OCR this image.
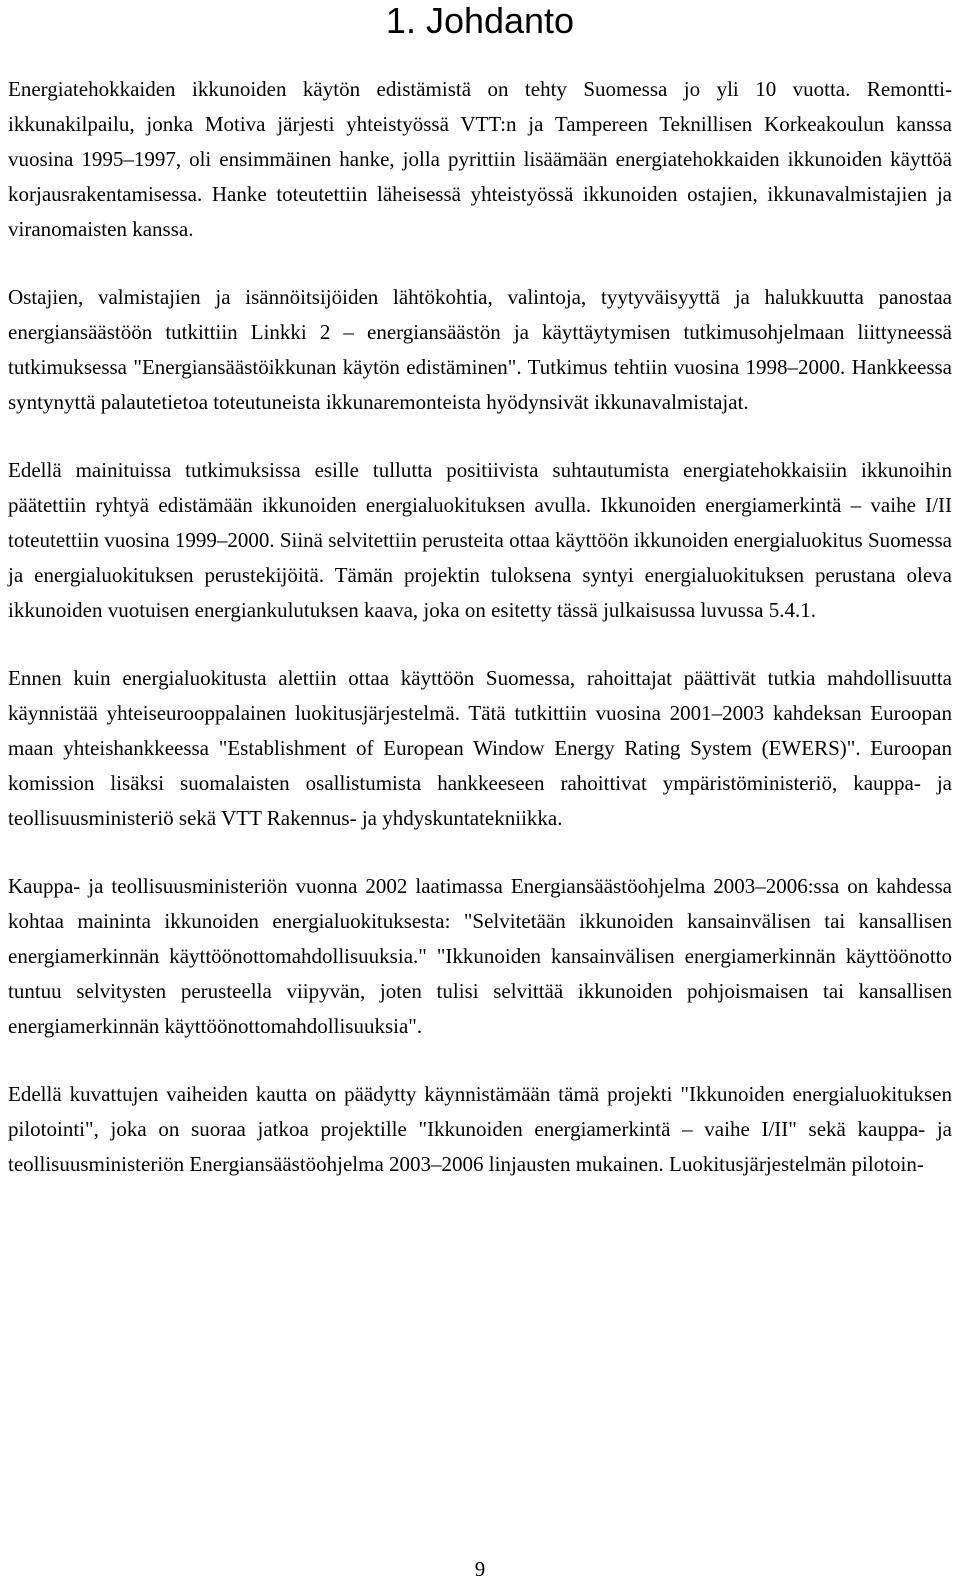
1. Johdanto

Energiatehokkaiden ikkunoiden käytön edistämistä on tehty Suomessa jo yli 10 vuotta. Remontti-ikkunakilpailu, jonka Motiva järjesti yhteistyössä VTT:n ja Tampereen Teknillisen Korkeakoulun kanssa vuosina 1995–1997, oli ensimmäinen hanke, jolla pyrittiin lisäämään energiatehokkaiden ikkunoiden käyttöä korjausrakentamisessa. Hanke toteutettiin läheisessä yhteistyössä ikkunoiden ostajien, ikkunavalmistajien ja viranomaisten kanssa.

Ostajien, valmistajien ja isännöitsijöiden lähtökohtia, valintoja, tyytyväisyyttä ja halukkuutta panostaa energiansäästöön tutkittiin Linkki 2 – energiansäästön ja käyttäytymisen tutkimusohjelmaan liittyneessä tutkimuksessa "Energiansäästöikkunan käytön edistäminen". Tutkimus tehtiin vuosina 1998–2000. Hankkeessa syntynyttä palautetietoa toteutuneista ikkunaremonteista hyödynsivät ikkunavalmistajat.

Edellä mainituissa tutkimuksissa esille tullutta positiivista suhtautumista energiatehokkaisiin ikkunoihin päätettiin ryhtyä edistämään ikkunoiden energialuokituksen avulla. Ikkunoiden energiamerkintä – vaihe I/II toteutettiin vuosina 1999–2000. Siinä selvitettiin perusteita ottaa käyttöön ikkunoiden energialuokitus Suomessa ja energialuokituksen perustekijöitä. Tämän projektin tuloksena syntyi energialuokituksen perustana oleva ikkunoiden vuotuisen energiankulutuksen kaava, joka on esitetty tässä julkaisussa luvussa 5.4.1.

Ennen kuin energialuokitusta alettiin ottaa käyttöön Suomessa, rahoittajat päättivät tutkia mahdollisuutta käynnistää yhteiseurooppalainen luokitusjärjestelmä. Tätä tutkittiin vuosina 2001–2003 kahdeksan Euroopan maan yhteishankkeessa "Establishment of European Window Energy Rating System (EWERS)". Euroopan komission lisäksi suomalaisten osallistumista hankkeeseen rahoittivat ympäristöministeriö, kauppa- ja teollisuusministeriö sekä VTT Rakennus- ja yhdyskuntatekniikka.

Kauppa- ja teollisuusministeriön vuonna 2002 laatimassa Energiansäästöohjelma 2003–2006:ssa on kahdessa kohtaa maininta ikkunoiden energialuokituksesta: "Selvitetään ikkunoiden kansainvälisen tai kansallisen energiamerkinnän käyttöönottomahdollisuuksia." "Ikkunoiden kansainvälisen energiamerkinnän käyttöönotto tuntuu selvitysten perusteella viipyvän, joten tulisi selvittää ikkunoiden pohjoismaisen tai kansallisen energiamerkinnän käyttöönottomahdollisuuksia".

Edellä kuvattujen vaiheiden kautta on päädytty käynnistämään tämä projekti "Ikkunoiden energialuokituksen pilotointi", joka on suoraa jatkoa projektille "Ikkunoiden energiamerkintä – vaihe I/II" sekä kauppa- ja teollisuusministeriön Energiansäästöohjelma 2003–2006 linjausten mukainen. Luokitusjärjestelmän pilotoin-

9
